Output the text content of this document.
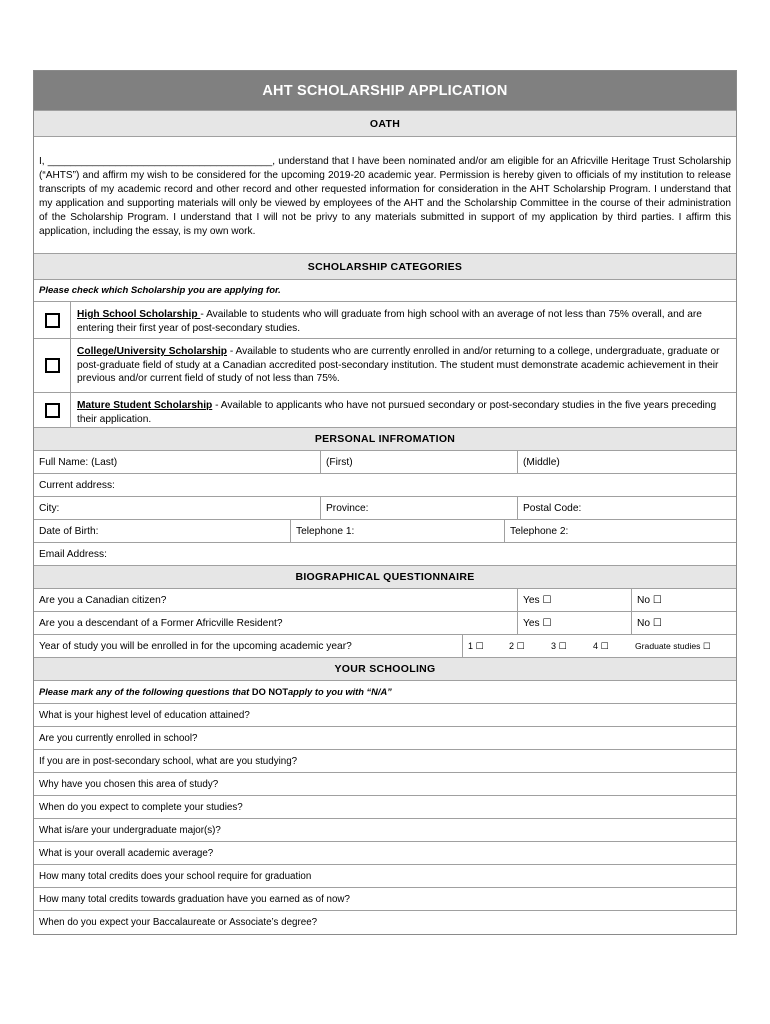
AHT SCHOLARSHIP APPLICATION
OATH
I, ________________________________________, understand that I have been nominated and/or am eligible for an Africville Heritage Trust Scholarship (“AHTS”) and affirm my wish to be considered for the upcoming 2019-20 academic year. Permission is hereby given to officials of my institution to release transcripts of my academic record and other record and other requested information for consideration in the AHT Scholarship Program. I understand that my application and supporting materials will only be viewed by employees of the AHT and the Scholarship Committee in the course of their administration of the Scholarship Program. I understand that I will not be privy to any materials submitted in support of my application by third parties. I affirm this application, including the essay, is my own work.
SCHOLARSHIP CATEGORIES
Please check which Scholarship you are applying for.
High School Scholarship - Available to students who will graduate from high school with an average of not less than 75% overall, and are entering their first year of post-secondary studies.
College/University Scholarship - Available to students who are currently enrolled in and/or returning to a college, undergraduate, graduate or post-graduate field of study at a Canadian accredited post-secondary institution. The student must demonstrate academic achievement in their previous and/or current field of study of not less than 75%.
Mature Student Scholarship - Available to applicants who have not pursued secondary or post-secondary studies in the five years preceding their application.
PERSONAL INFROMATION
Full Name: (Last)	(First)	(Middle)
Current address:
City:	Province:	Postal Code:
Date of Birth:	Telephone 1:	Telephone 2:
Email Address:
BIOGRAPHICAL QUESTIONNAIRE
Are you a Canadian citizen?	Yes ☐	No ☐
Are you a descendant of a Former Africville Resident?	Yes ☐	No ☐
Year of study you will be enrolled in for the upcoming academic year?	1 ☐	2 ☐	3 ☐	4 ☐	Graduate studies ☐
YOUR SCHOOLING
Please mark any of the following questions that
DO NOT apply to you with “N/A”
What is your highest level of education attained?
Are you currently enrolled in school?
If you are in post-secondary school, what are you studying?
Why have you chosen this area of study?
When do you expect to complete your studies?
What is/are your undergraduate major(s)?
What is your overall academic average?
How many total credits does your school require for graduation
How many total credits towards graduation have you earned as of now?
When do you expect your Baccalaureate or Associate’s degree?
